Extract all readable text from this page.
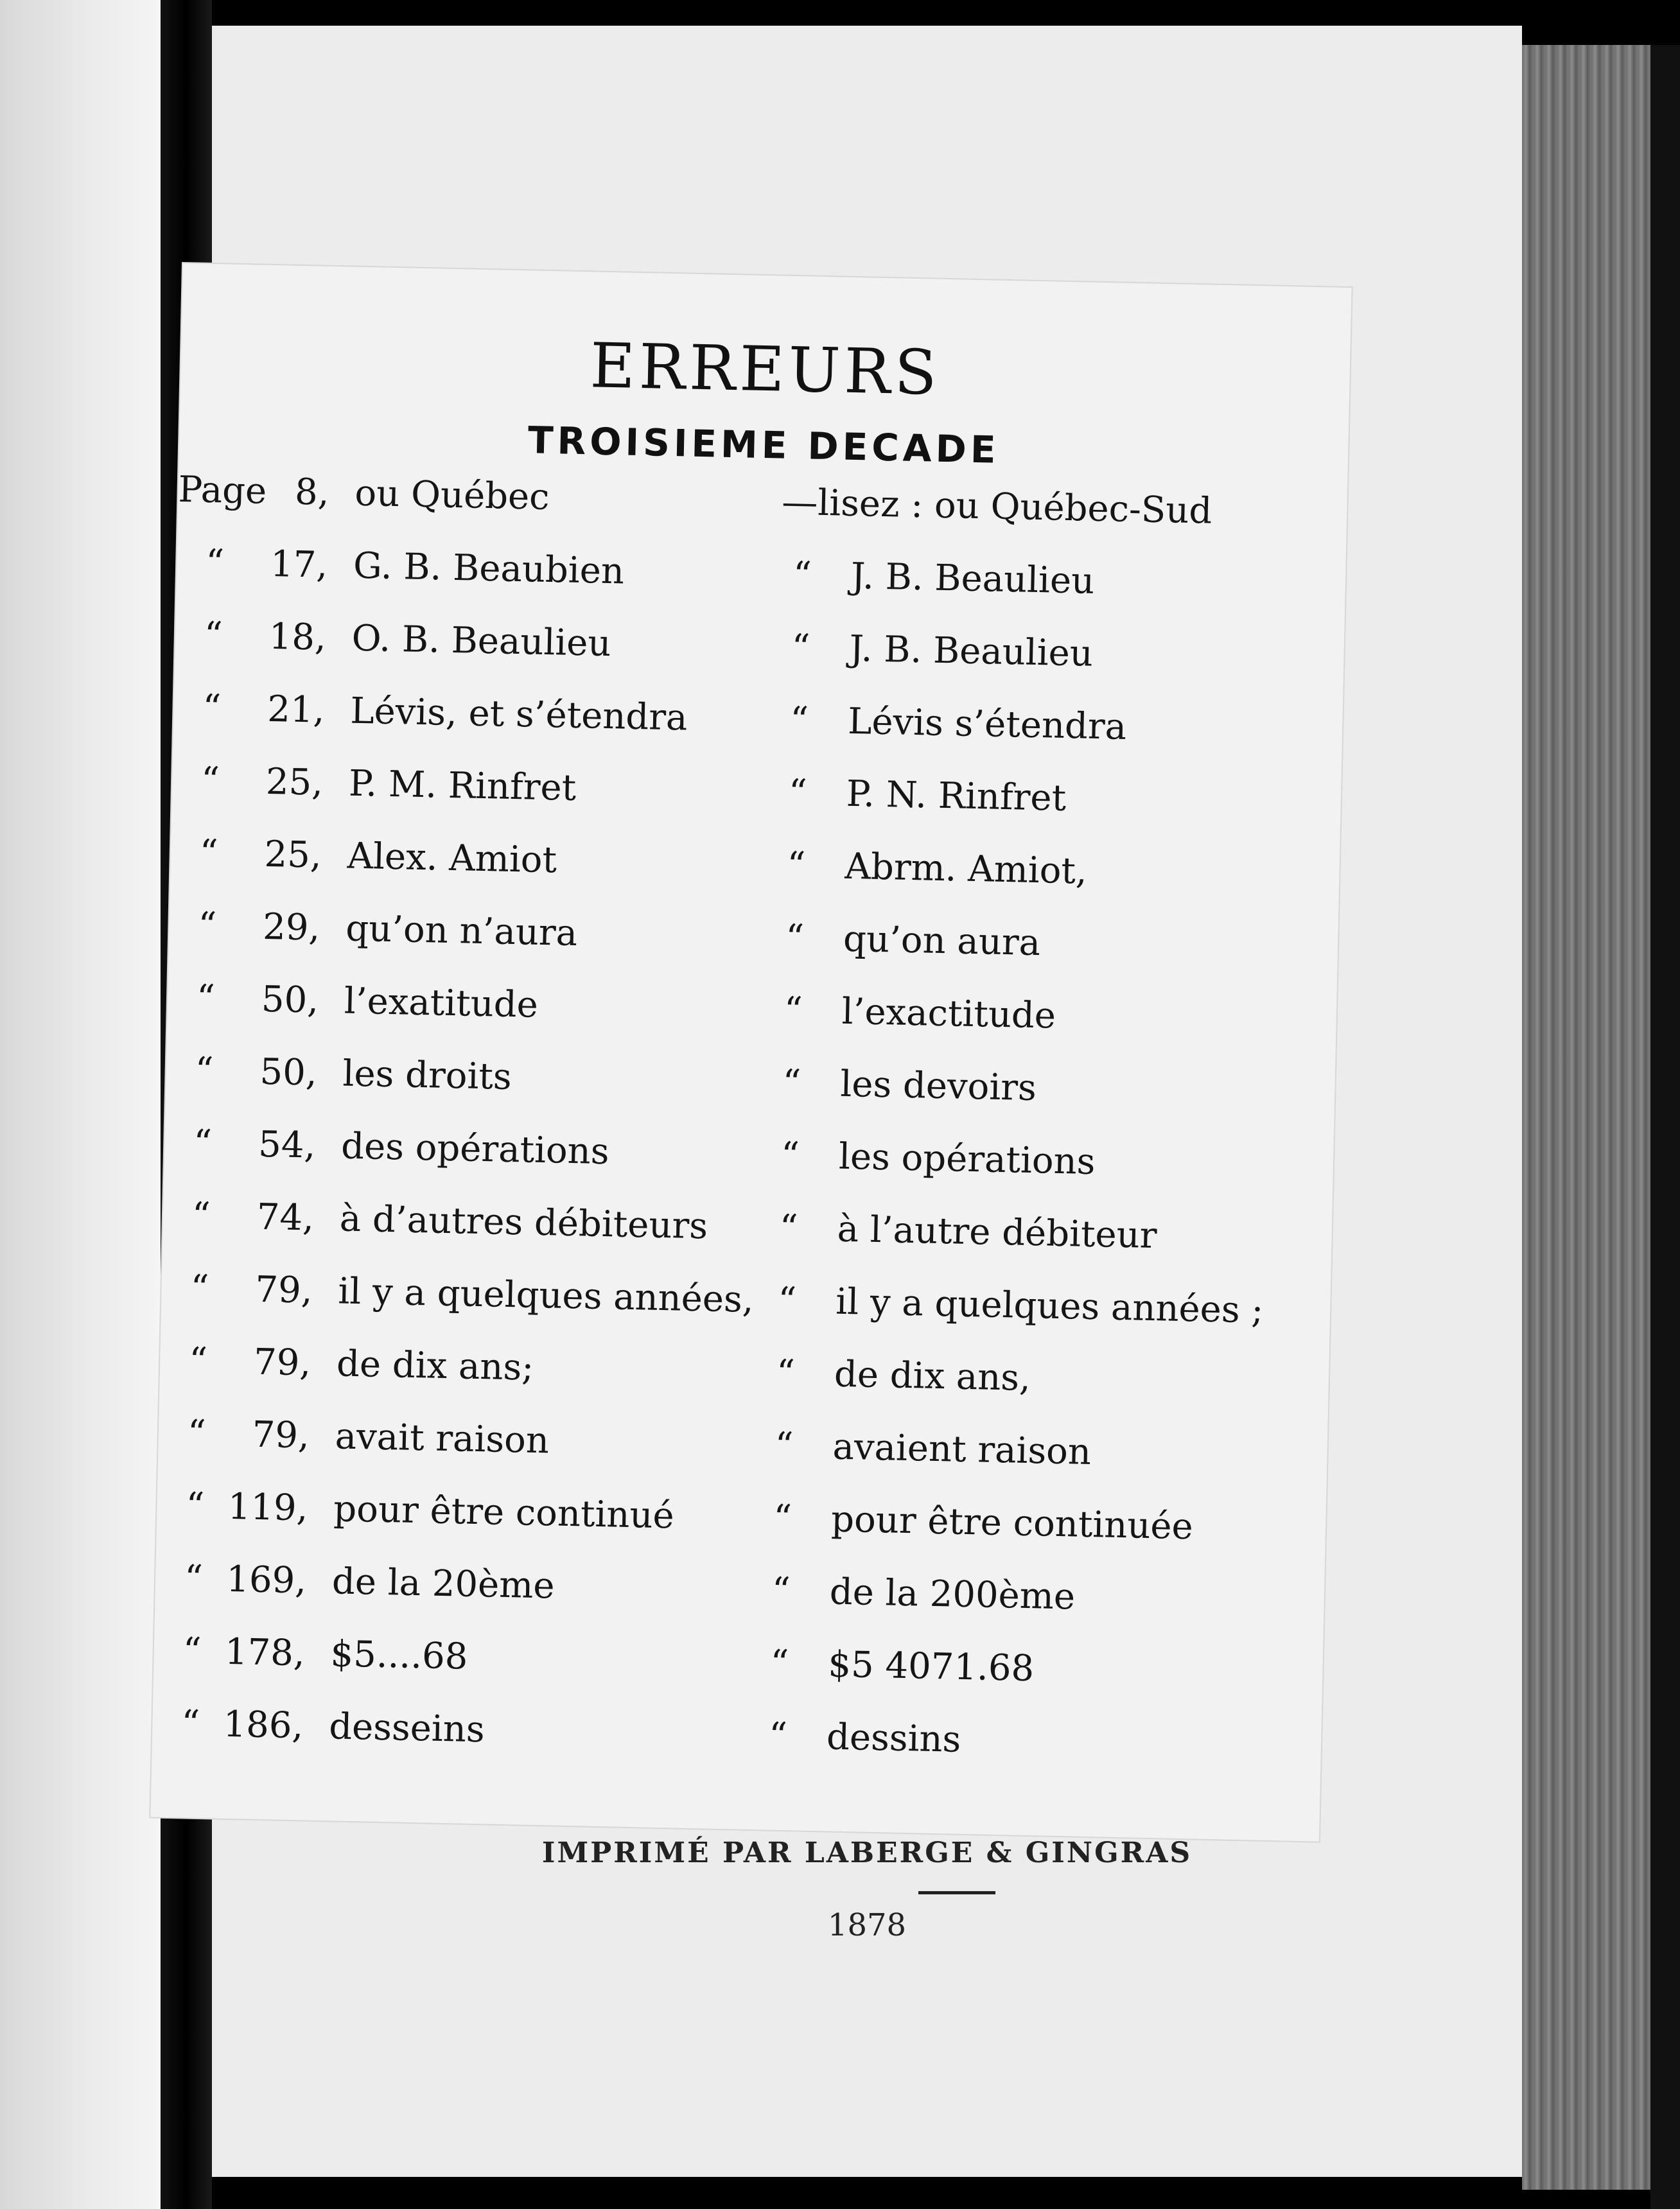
IMPRIMÉ PAR LABERGE & GINGRAS
1878
ERREURS
TROISIEME DECADE
Page 8, ou Québec	—lisez : ou Québec-Sud
“	17, G. B. Beaubien	“ J. B. Beaulieu
“	18, O. B. Beaulieu	“ J. B. Beaulieu
“	21, Lévis, et s’étendra	“ Lévis s’étendra
“	25, P. M. Rinfret	“ P. N. Rinfret
“	25, Alex. Amiot	“ Abrm. Amiot,
“	29, qu’on n’aura	“ qu’on aura
“	50, l’exatitude	“ l’exactitude
“	50, les droits	“ les devoirs
“	54, des opérations	“ les opérations
“	74, à d’autres débiteurs “ à l’autre débiteur
“	79, il y a quelques années, “ il y a quelques années ;
“	79, de dix ans;	“ de dix ans,
“	79, avait raison	“ avaient raison
“ 119, pour être continué	“ pour être continuée
“ 169, de la 20ème	“ de la 200ème
“ 178, $5....68	“ $5 4071.68
“ 186, desseins	“ dessins
